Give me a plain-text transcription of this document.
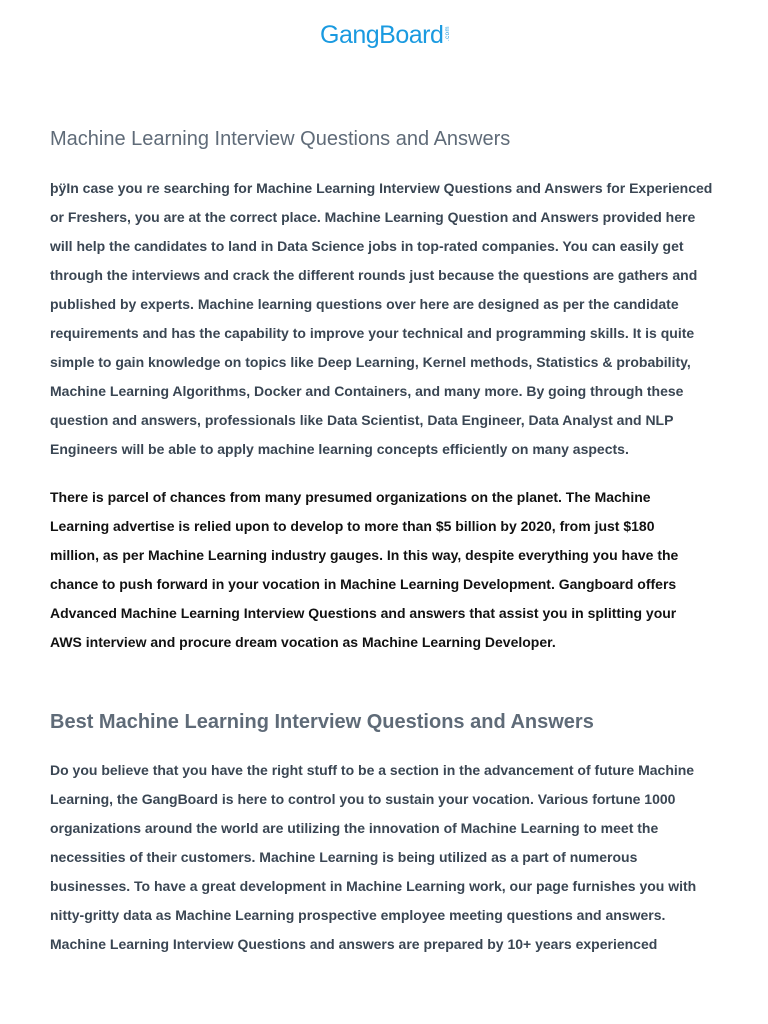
GangBoard .com
Machine Learning Interview Questions and Answers

þÿIn case you re searching for Machine Learning Interview Questions and Answers for Experienced
or Freshers, you are at the correct place. Machine Learning Question and Answers provided here
will help the candidates to land in Data Science jobs in top-rated companies. You can easily get
through the interviews and crack the different rounds just because the questions are gathers and
published by experts. Machine learning questions over here are designed as per the candidate
requirements and has the capability to improve your technical and programming skills. It is quite
simple to gain knowledge on topics like Deep Learning, Kernel methods, Statistics & probability,
Machine Learning Algorithms, Docker and Containers, and many more. By going through these
question and answers, professionals like Data Scientist, Data Engineer, Data Analyst and NLP
Engineers will be able to apply machine learning concepts efficiently on many aspects.

There is parcel of chances from many presumed organizations on the planet. The Machine
Learning advertise is relied upon to develop to more than $5 billion by 2020, from just $180
million, as per Machine Learning industry gauges. In this way, despite everything you have the
chance to push forward in your vocation in Machine Learning Development. Gangboard offers
Advanced Machine Learning Interview Questions and answers that assist you in splitting your
AWS interview and procure dream vocation as Machine Learning Developer.

Best Machine Learning Interview Questions and Answers

Do you believe that you have the right stuff to be a section in the advancement of future Machine
Learning, the GangBoard is here to control you to sustain your vocation. Various fortune 1000
organizations around the world are utilizing the innovation of Machine Learning to meet the
necessities of their customers. Machine Learning is being utilized as a part of numerous
businesses. To have a great development in Machine Learning work, our page furnishes you with
nitty-gritty data as Machine Learning prospective employee meeting questions and answers.
Machine Learning Interview Questions and answers are prepared by 10+ years experienced
